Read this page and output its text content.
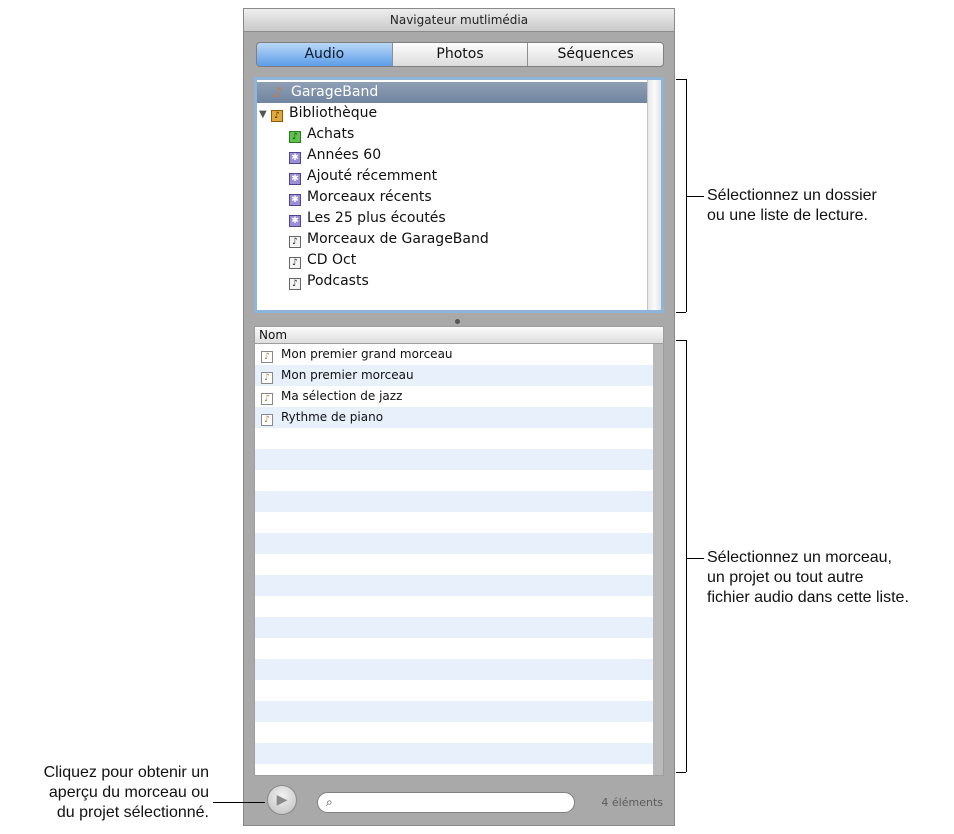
Navigateur mutlimédia
Audio	Photos	Séquences
♪ GarageBand
▼ ♪ Bibliothèque
♪ Achats
✱ Années 60
✱ Ajouté récemment
✱ Morceaux récents
✱ Les 25 plus écoutés
♪ Morceaux de GarageBand
♪ CD Oct
♪ Podcasts
Nom
♪ Mon premier grand morceau
♪ Mon premier morceau
♪ Ma sélection de jazz
♪ Rythme de piano
▶	⌕	4 éléments
Sélectionnez un dossier
ou une liste de lecture.
Sélectionnez un morceau,
un projet ou tout autre
fichier audio dans cette liste.
Cliquez pour obtenir un
aperçu du morceau ou
du projet sélectionné.
